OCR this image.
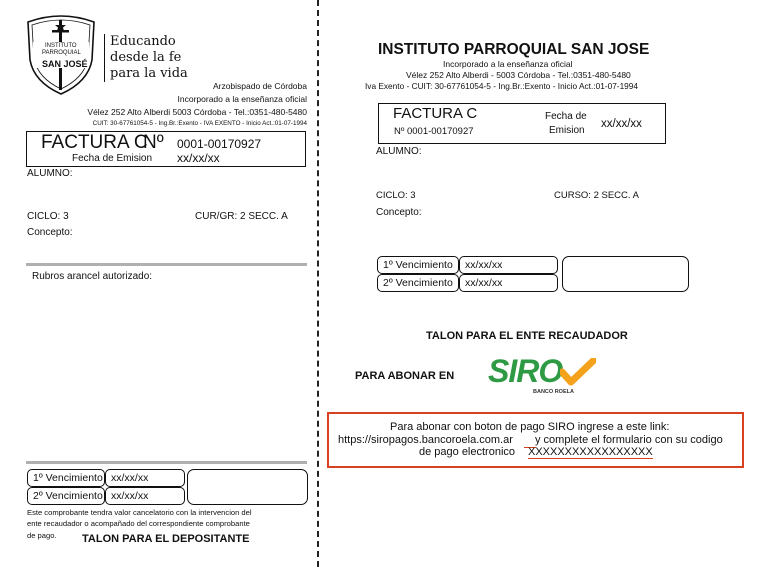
INSTITUTO
PARROQUIAL
SAN JOSÉ
Educando
desde la fe
para la vida
Arzobispado de Córdoba
Incorporado a la enseñanza oficial
Vélez 252 Alto Alberdi 5003 Córdoba - Tel.:0351-480-5480
CUIT: 30-67761054-5 - Ing.Br.:Exento - IVA EXENTO - Inicio Act.:01-07-1994
FACTURA C
Nº 0001-00170927
Fecha de Emision xx/xx/xx
ALUMNO:
CICLO: 3	CUR/GR: 2 SECC. A
Concepto:
Rubros arancel autorizado:
1º Vencimiento xx/xx/xx
2º Vencimiento xx/xx/xx
Este comprobante tendra valor cancelatorio con la intervencion del
ente recaudador o acompañado del correspondiente comprobante
de pago. TALON PARA EL DEPOSITANTE
INSTITUTO PARROQUIAL SAN JOSE
Incorporado a la enseñanza oficial
Vélez 252 Alto Alberdi - 5003 Córdoba - Tel.:0351-480-5480
Iva Exento - CUIT: 30-67761054-5 - Ing.Br.:Exento - Inicio Act.:01-07-1994
FACTURA C
Nº 0001-00170927
Fecha de
Emision
xx/xx/xx
ALUMNO:
CICLO: 3	CURSO: 2 SECC. A
Concepto:
1º Vencimiento	xx/xx/xx
2º Vencimiento	xx/xx/xx
TALON PARA EL ENTE RECAUDADOR
PARA ABONAR EN SIRO
BANCO ROELA
Para abonar con boton de pago SIRO ingrese a este link:
https://siropagos.bancoroela.com.ar y complete el formulario con su codigo
de pago electronico XXXXXXXXXXXXXXXXX
